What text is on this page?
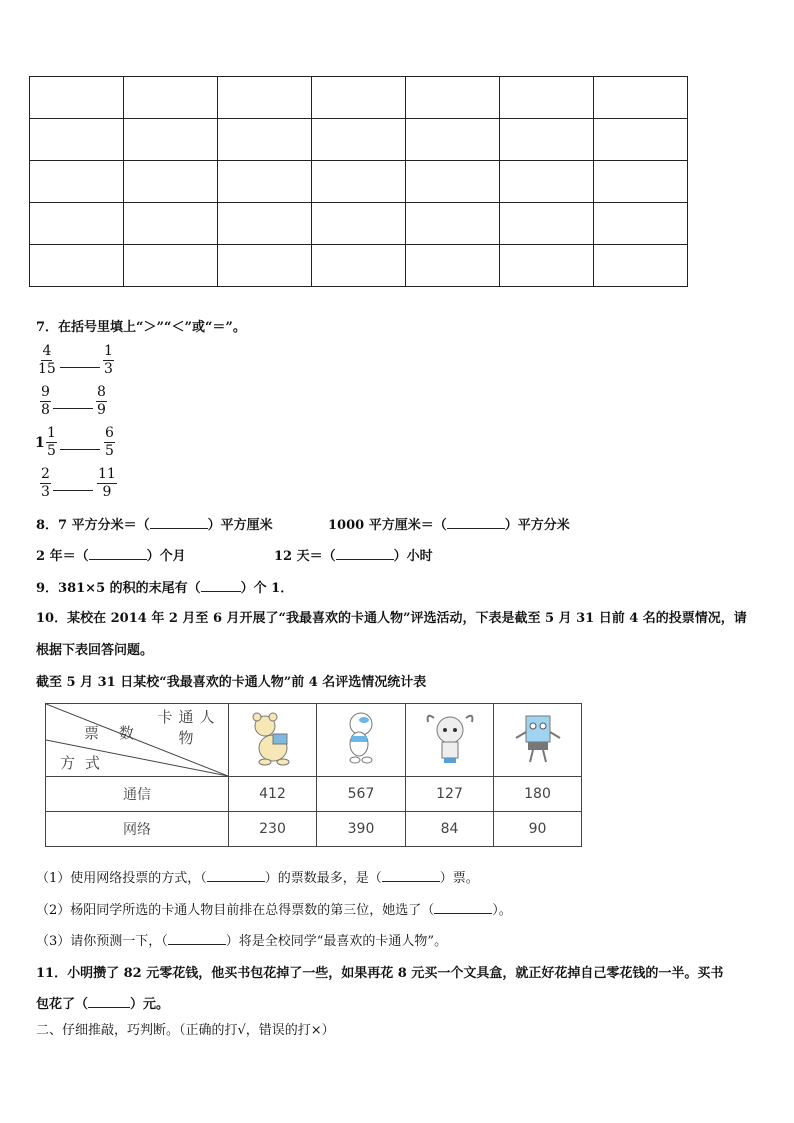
7．在括号里填上“＞”“＜”或“＝”。
$\frac{4}{15}$	$\frac{1}{3}$
$\frac{9}{8}$	$\frac{8}{9}$
$1 \frac{1}{5}$	$\frac{6}{5}$
$\frac{2}{3}$	$\frac{11}{9}$
8．7 平方分米＝（	）平方厘米	1000 平方厘米＝（	）平方分米
2 年＝（	）个月	12 天＝（	）小时
9．381×5 的积的末尾有（	）个 1．
10．某校在 2014 年 2 月至 6 月开展了“我最喜欢的卡通人物”评选活动，下表是截至 5 月 31 日前 4 名的投票情况，请
根据下表回答问题。
截至 5 月 31 日某校“我最喜欢的卡通人物”前 4 名评选情况统计表
卡通人物
票数
方式

通信	412	567	127	180
网络	230	390	84	90
（1）使用网络投票的方式，（	）的票数最多，是（	）票。
（2）杨阳同学所选的卡通人物目前排在总得票数的第三位，她选了（	）。
（3）请你预测一下，（	）将是全校同学“最喜欢的卡通人物”。
11．小明攒了 82 元零花钱，他买书包花掉了一些，如果再花 8 元买一个文具盒，就正好花掉自己零花钱的一半。买书
包花了（	）元。
二、仔细推敲，巧判断。（正确的打√，错误的打×）
